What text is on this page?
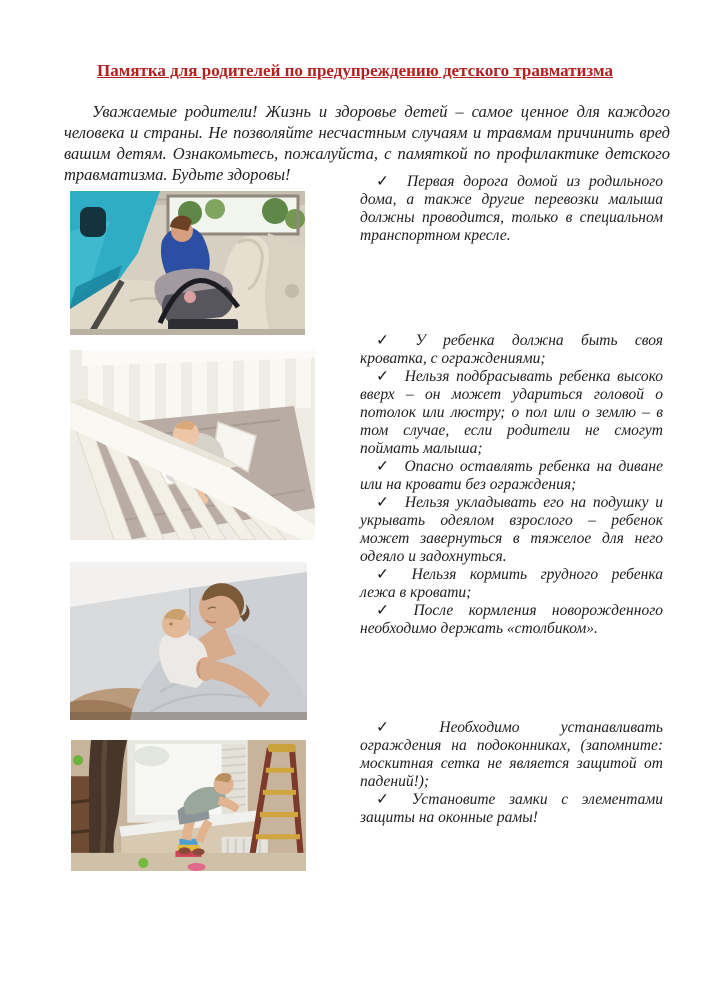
Памятка для родителей по предупреждению детского травматизма

Уважаемые родители! Жизнь и здоровье детей – самое ценное для каждого человека и страны. Не позволяйте несчастным случаям и травмам причинить вред вашим детям. Ознакомьтесь, пожалуйста, с памяткой по профилактике детского травматизма. Будьте здоровы!	✓ Первая дорога домой из родильного дома, а также другие перевозки малыша должны проводится, только в специальном транспортном кресле.

✓ У ребенка должна быть своя кроватка, с ограждениями;

✓ Нельзя подбрасывать ребенка высоко вверх – он может удариться головой о потолок или люстру; о пол или о землю – в том случае, если родители не смогут поймать малыша;

✓ Опасно оставлять ребенка на диване или на кровати без ограждения;

✓ Нельзя укладывать его на подушку и укрывать одеялом взрослого – ребенок может завернуться в тяжелое для него одеяло и задохнуться.

✓ Нельзя кормить грудного ребенка лежа в кровати;

✓ После кормления новорожденного необходимо держать «столбиком».

✓ Необходимо устанавливать ограждения на подоконниках, (запомните: москитная сетка не является защитой от падений!);

✓ Установите замки с элементами защиты на оконные рамы!
